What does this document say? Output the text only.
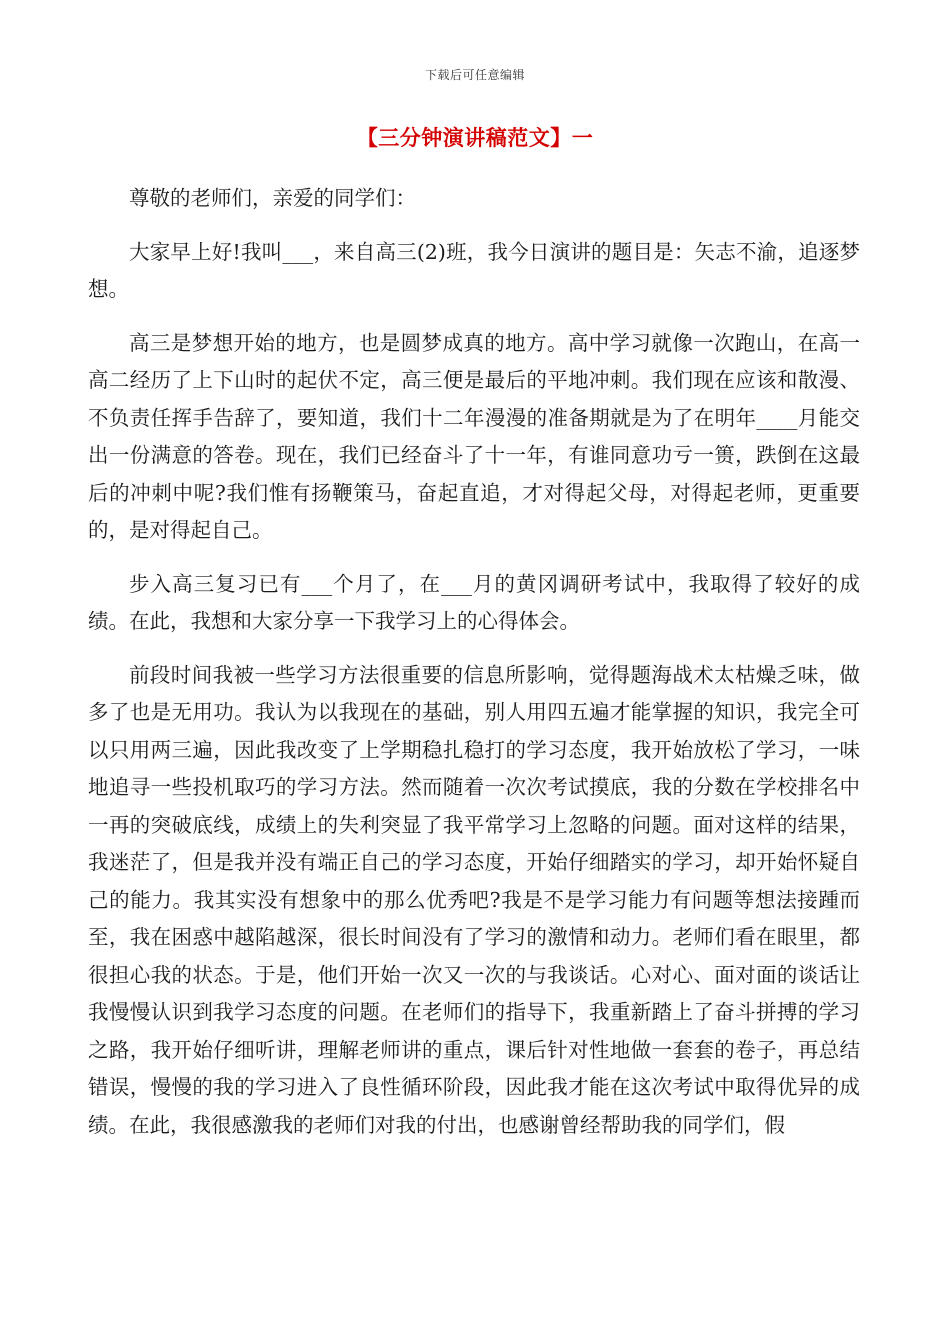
下载后可任意编辑
【三分钟演讲稿范文】一

尊敬的老师们，亲爱的同学们：

大家早上好!我叫___，来自高三(2)班，我今日演讲的题目是：矢志不渝，追逐梦想。

高三是梦想开始的地方，也是圆梦成真的地方。高中学习就像一次跑山，在高一高二经历了上下山时的起伏不定，高三便是最后的平地冲刺。我们现在应该和散漫、不负责任挥手告辞了，要知道，我们十二年漫漫的准备期就是为了在明年____月能交出一份满意的答卷。现在，我们已经奋斗了十一年，有谁同意功亏一篑，跌倒在这最后的冲刺中呢?我们惟有扬鞭策马，奋起直追，才对得起父母，对得起老师，更重要的，是对得起自己。

步入高三复习已有___个月了，在___月的黄冈调研考试中，我取得了较好的成绩。在此，我想和大家分享一下我学习上的心得体会。

前段时间我被一些学习方法很重要的信息所影响，觉得题海战术太枯燥乏味，做多了也是无用功。我认为以我现在的基础，别人用四五遍才能掌握的知识，我完全可以只用两三遍，因此我改变了上学期稳扎稳打的学习态度，我开始放松了学习，一味地追寻一些投机取巧的学习方法。然而随着一次次考试摸底，我的分数在学校排名中一再的突破底线，成绩上的失利突显了我平常学习上忽略的问题。面对这样的结果，我迷茫了，但是我并没有端正自己的学习态度，开始仔细踏实的学习，却开始怀疑自己的能力。我其实没有想象中的那么优秀吧?我是不是学习能力有问题等想法接踵而至，我在困惑中越陷越深，很长时间没有了学习的激情和动力。老师们看在眼里，都很担心我的状态。于是，他们开始一次又一次的与我谈话。心对心、面对面的谈话让我慢慢认识到我学习态度的问题。在老师们的指导下，我重新踏上了奋斗拼搏的学习之路，我开始仔细听讲，理解老师讲的重点，课后针对性地做一套套的卷子，再总结错误，慢慢的我的学习进入了良性循环阶段，因此我才能在这次考试中取得优异的成绩。在此，我很感激我的老师们对我的付出，也感谢曾经帮助我的同学们，假
